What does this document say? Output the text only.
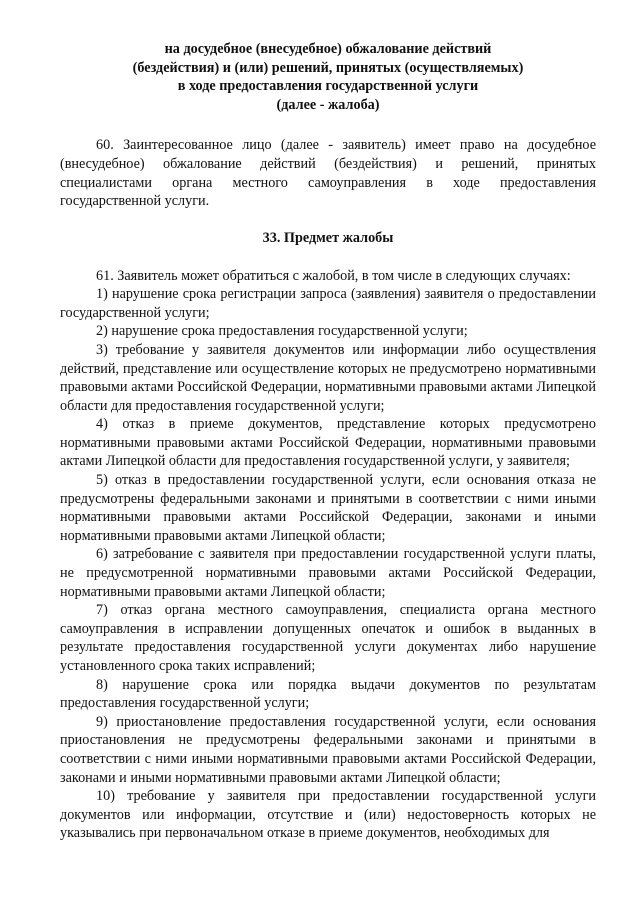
на досудебное (внесудебное) обжалование действий
(бездействия) и (или) решений, принятых (осуществляемых)
в ходе предоставления государственной услуги
(далее - жалоба)

60. Заинтересованное лицо (далее - заявитель) имеет право на досудебное (внесудебное) обжалование действий (бездействия) и решений, принятых специалистами органа местного самоуправления в ходе предоставления государственной услуги.

33. Предмет жалобы

61. Заявитель может обратиться с жалобой, в том числе в следующих случаях:

1) нарушение срока регистрации запроса (заявления) заявителя о предоставлении государственной услуги;

2) нарушение срока предоставления государственной услуги;

3) требование у заявителя документов или информации либо осуществления действий, представление или осуществление которых не предусмотрено нормативными правовыми актами Российской Федерации, нормативными правовыми актами Липецкой области для предоставления государственной услуги;

4) отказ в приеме документов, представление которых предусмотрено нормативными правовыми актами Российской Федерации, нормативными правовыми актами Липецкой области для предоставления государственной услуги, у заявителя;

5) отказ в предоставлении государственной услуги, если основания отказа не предусмотрены федеральными законами и принятыми в соответствии с ними иными нормативными правовыми актами Российской Федерации, законами и иными нормативными правовыми актами Липецкой области;

6) затребование с заявителя при предоставлении государственной услуги платы, не предусмотренной нормативными правовыми актами Российской Федерации, нормативными правовыми актами Липецкой области;

7) отказ органа местного самоуправления, специалиста органа местного самоуправления в исправлении допущенных опечаток и ошибок в выданных в результате предоставления государственной услуги документах либо нарушение установленного срока таких исправлений;

8) нарушение срока или порядка выдачи документов по результатам предоставления государственной услуги;

9) приостановление предоставления государственной услуги, если основания приостановления не предусмотрены федеральными законами и принятыми в соответствии с ними иными нормативными правовыми актами Российской Федерации, законами и иными нормативными правовыми актами Липецкой области;

10) требование у заявителя при предоставлении государственной услуги документов или информации, отсутствие и (или) недостоверность которых не указывались при первоначальном отказе в приеме документов, необходимых для
